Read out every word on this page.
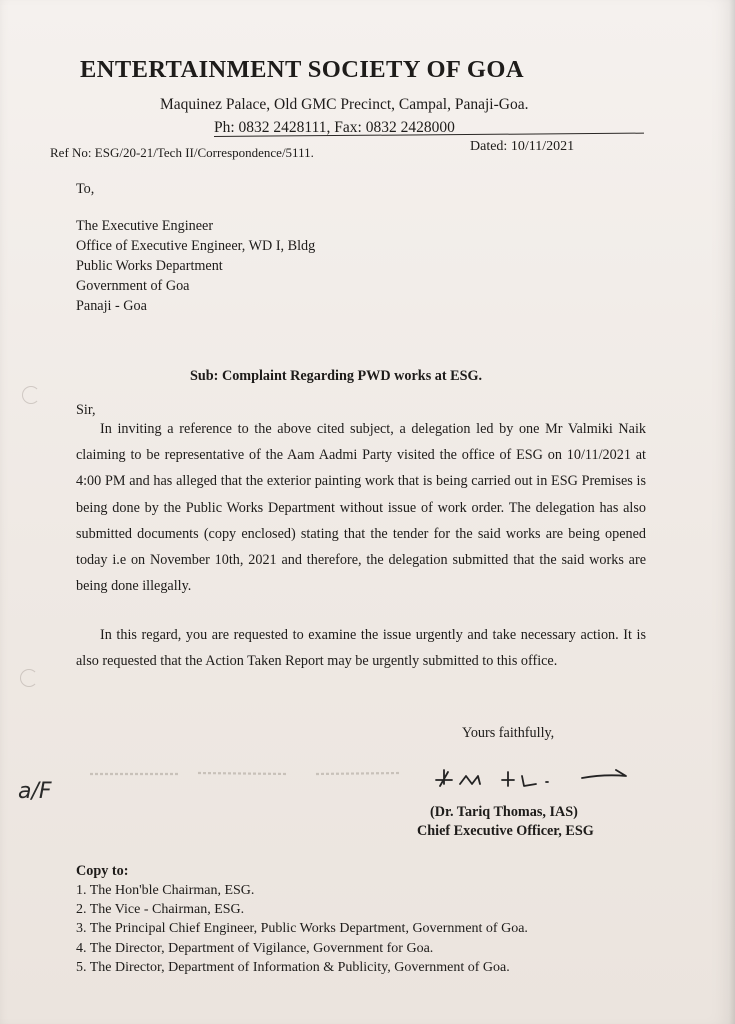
ENTERTAINMENT SOCIETY OF GOA
Maquinez Palace, Old GMC Precinct, Campal, Panaji-Goa.
Ph: 0832 2428111, Fax: 0832 2428000
Ref No: ESG/20-21/Tech II/Correspondence/5111.	Dated: 10/11/2021
To,
The Executive Engineer
Office of Executive Engineer, WD I, Bldg
Public Works Department
Government of Goa
Panaji - Goa
Sub: Complaint Regarding PWD works at ESG.
Sir,

In inviting a reference to the above cited subject, a delegation led by one Mr Valmiki Naik claiming to be representative of the Aam Aadmi Party visited the office of ESG on 10/11/2021 at 4:00 PM and has alleged that the exterior painting work that is being carried out in ESG Premises is being done by the Public Works Department without issue of work order. The delegation has also submitted documents (copy enclosed) stating that the tender for the said works are being opened today i.e on November 10th, 2021 and therefore, the delegation submitted that the said works are being done illegally.

In this regard, you are requested to examine the issue urgently and take necessary action. It is also requested that the Action Taken Report may be urgently submitted to this office.

Yours faithfully,
a/F
(Dr. Tariq Thomas, IAS)
Chief Executive Officer, ESG
Copy to:
1. The Hon'ble Chairman, ESG.
2. The Vice - Chairman, ESG.
3. The Principal Chief Engineer, Public Works Department, Government of Goa.
4. The Director, Department of Vigilance, Government for Goa.
5. The Director, Department of Information & Publicity, Government of Goa.
